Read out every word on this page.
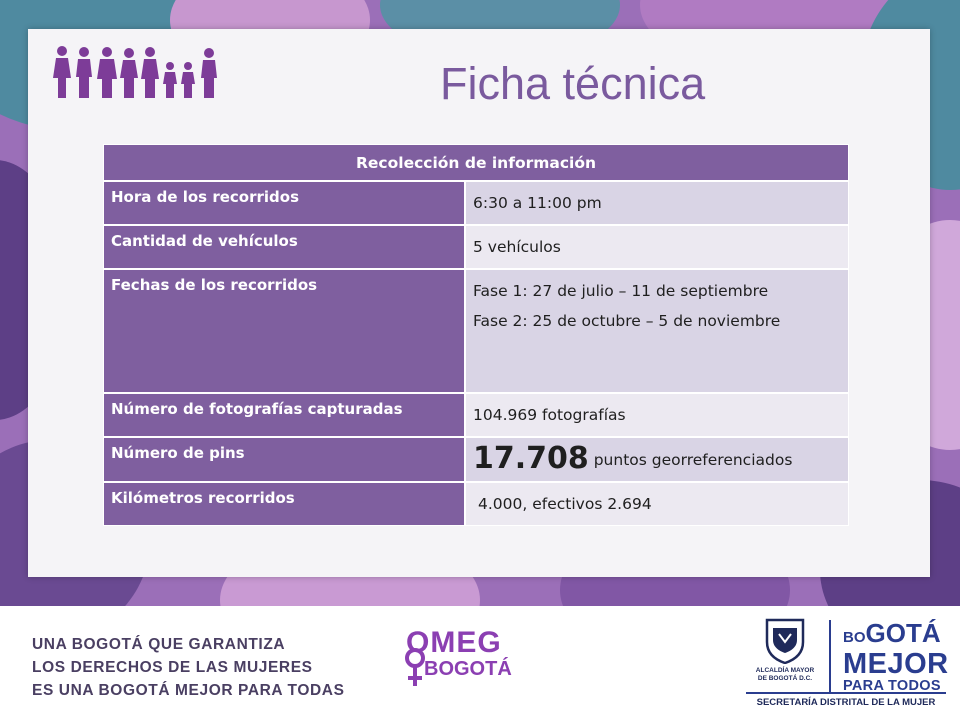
Ficha técnica
Recolección de información	
Hora de los recorridos	6:30 a 11:00 pm
Cantidad de vehículos	5 vehículos
Fechas de los recorridos	Fase 1: 27 de julio – 11 de septiembre
Fase 2: 25 de octubre – 5 de noviembre

Número de fotografías capturadas	104.969 fotografías
Número de pins	17.708 puntos georreferenciados
Kilómetros recorridos	4.000, efectivos 2.694
UNA BOGOTÁ QUE GARANTIZA
LOS DERECHOS DE LAS MUJERES
ES UNA BOGOTÁ MEJOR PARA TODAS
OMEG
BOGOTÁ	ALCALDÍA MAYOR
DE BOGOTÁ D.C.
BOGOTÁ
MEJOR
PARA TODOS
SECRETARÍA DISTRITAL DE LA MUJER
